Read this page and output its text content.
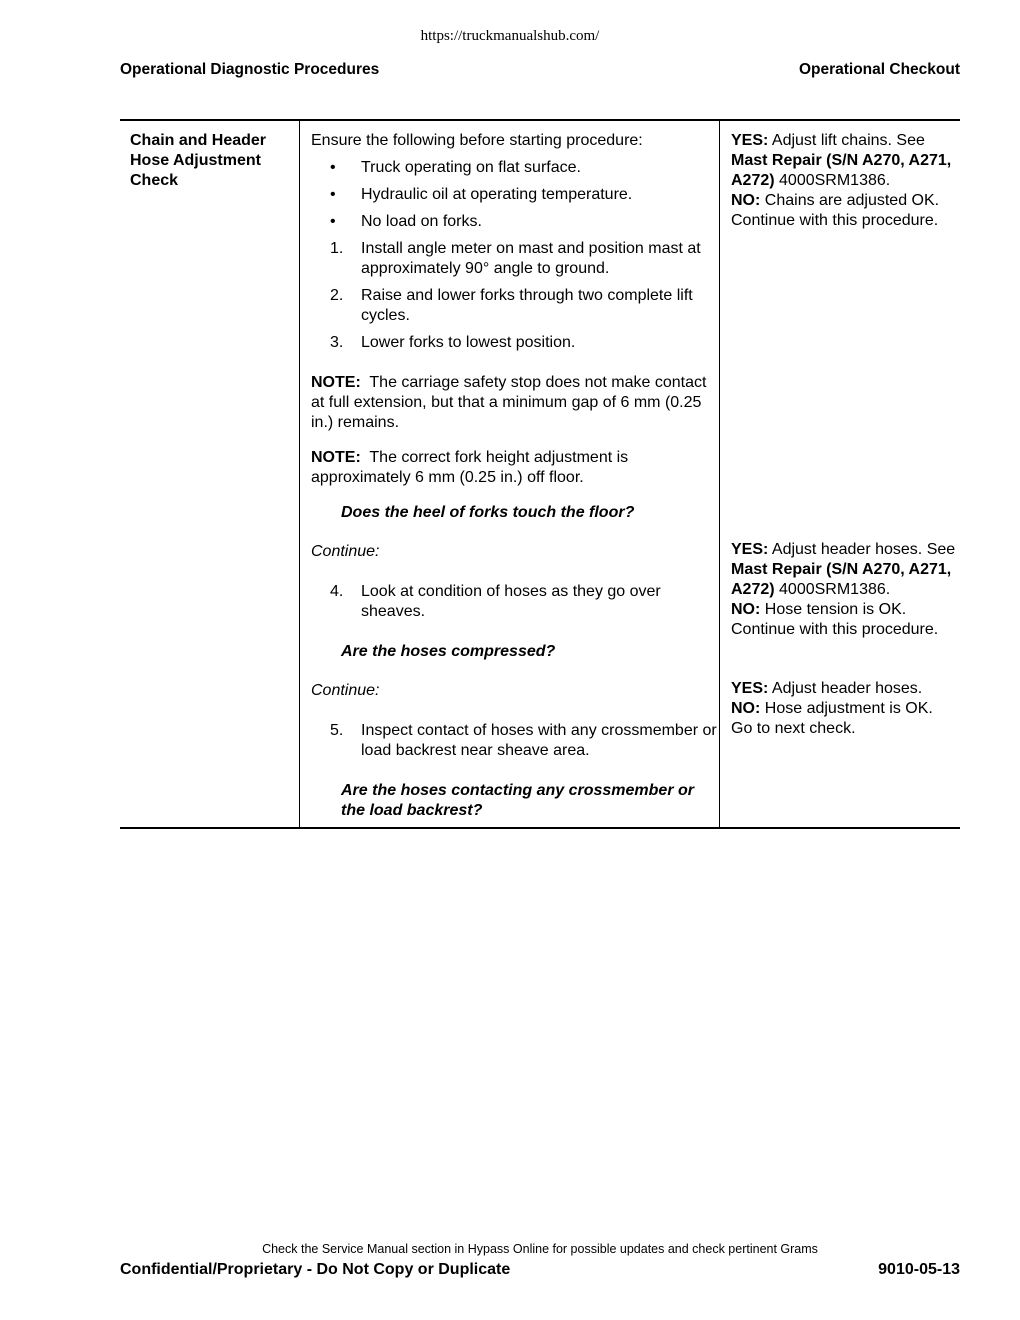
https://truckmanualshub.com/
Operational Diagnostic Procedures	Operational Checkout
Chain and Header Hose Adjustment Check
Ensure the following before starting procedure:
• Truck operating on flat surface.
• Hydraulic oil at operating temperature.
• No load on forks.
1. Install angle meter on mast and position mast at approximately 90° angle to ground.
2. Raise and lower forks through two complete lift cycles.
3. Lower forks to lowest position.
NOTE: The carriage safety stop does not make contact at full extension, but that a minimum gap of 6 mm (0.25 in.) remains.
NOTE: The correct fork height adjustment is approximately 6 mm (0.25 in.) off floor.
Does the heel of forks touch the floor?
Continue:
4. Look at condition of hoses as they go over sheaves.
Are the hoses compressed?
Continue:
5. Inspect contact of hoses with any crossmember or load backrest near sheave area.
Are the hoses contacting any crossmember or the load backrest?
YES: Adjust lift chains. See Mast Repair (S/N A270, A271, A272) 4000SRM1386.
NO: Chains are adjusted OK. Continue with this procedure.
YES: Adjust header hoses. See Mast Repair (S/N A270, A271, A272) 4000SRM1386.
NO: Hose tension is OK. Continue with this procedure.
YES: Adjust header hoses.
NO: Hose adjustment is OK. Go to next check.
Check the Service Manual section in Hypass Online for possible updates and check pertinent Grams
Confidential/Proprietary - Do Not Copy or Duplicate	9010-05-13
